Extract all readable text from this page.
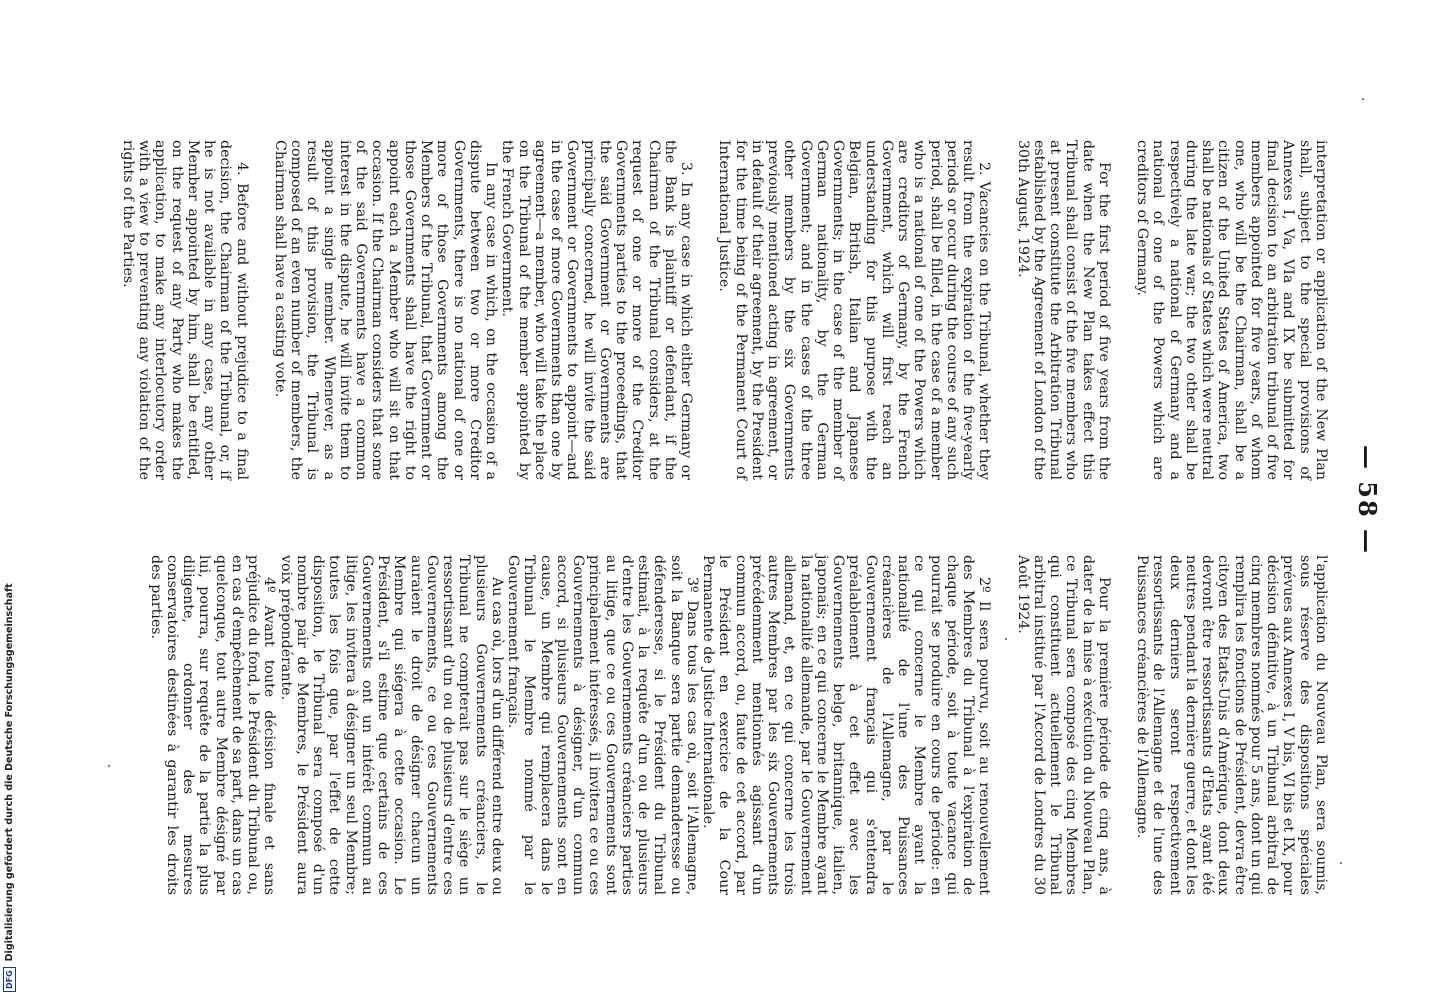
— 58 —

interpretation or application of the New Plan shall, subject to the special provisions of Annexes I, Va, VIa and IX be submitted for final decision to an arbitration tribunal of five members appointed for five years, of whom one, who will be the Chairman, shall be a citizen of the United States of America, two shall be nationals of States which were neutral during the late war; the two other shall be respectively a national of Germany and a national of one of the Powers which are creditors of Germany.

For the first period of five years from the date when the New Plan takes effect this Tribunal shall consist of the five members who at present constitute the Arbitration Tribunal established by the Agreement of London of the 30th August, 1924.

2. Vacancies on the Tribunal, whether they result from the expiration of the five-yearly periods or occur during the course of any such period, shall be filled, in the case of a member who is a national of one of the Powers which are creditors of Germany, by the French Government, which will first reach an understanding for this purpose with the Belgian, British, Italian and Japanese Governments; in the case of the member of German nationality, by the German Government; and in the cases of the three other members by the six Governments previously mentioned acting in agreement, or in default of their agreement, by the President for the time being of the Permanent Court of International Justice.

3. In any case in which either Germany or the Bank is plaintiff or defendant, if the Chairman of the Tribunal considers, at the request of one or more of the Creditor Governments parties to the proceedings, that the said Government or Governments are principally concerned, he will invite the said Government or Governments to appoint—and in the case of more Governments than one by agreement—a member, who will take the place on the Tribunal of the member appointed by the French Government.

In any case in which, on the occasion of a dispute between two or more Creditor Governments, there is no national of one or more of those Governments among the Members of the Tribunal, that Government or those Governments shall have the right to appoint each a Member who will sit on that occasion. If the Chairman considers that some of the said Governments have a common interest in the dispute, he will invite them to appoint a single member. Whenever, as a result of this provision, the Tribunal is composed of an even number of members, the Chairman shall have a casting vote.

4. Before and without prejudice to a final decision, the Chairman of the Tribunal, or, if he is not available in any case, any other Member appointed by him, shall be entitled, on the request of any Party who makes the application, to make any interlocutory order with a view to preventing any violation of the rights of the Parties.

l'application du Nouveau Plan, sera soumis, sous réserve des dispositions spéciales prévues aux Annexes I, V bis, VI bis et IX, pour décision définitive, à un Tribunal arbitral de cinq membres nommés pour 5 ans, dont un qui remplira les fonctions de Président, devra être citoyen des Etats-Unis d'Amérique, dont deux devront être ressortissants d'Etats ayant été neutres pendant la dernière guerre, et dont les deux derniers seront respectivement ressortissants de l'Allemagne et de l'une des Puissances créancières de l'Allemagne.

Pour la première période de cinq ans, à dater de la mise à exécution du Nouveau Plan, ce Tribunal sera composé des cinq Membres qui constituent actuellement le Tribunal arbitral institué par l'Accord de Londres du 30 Août 1924.

2º Il sera pourvu, soit au renouvellement des Membres du Tribunal à l'expiration de chaque période, soit à toute vacance qui pourrait se produire en cours de période: en ce qui concerne le Membre ayant la nationalité de l'une des Puissances créancières de l'Allemagne, par le Gouvernement français qui s'entendra préalablement à cet effet avec les Gouvernements belge, britannique, italien, japonais; en ce qui concerne le Membre ayant la nationalité allemande, par le Gouvernement allemand, et, en ce qui concerne les trois autres Membres par les six Gouvernements précédemment mentionnés agissant d'un commun accord, ou, faute de cet accord, par le Président en exercice de la Cour Permanente de Justice Internationale.

3º Dans tous les cas où, soit l'Allemagne, soit la Banque sera partie demanderesse ou défenderesse, si le Président du Tribunal estimait, à la requête d'un ou de plusieurs d'entre les Gouvernements créanciers parties au litige, que ce ou ces Gouvernements sont principalement intéressés, il invitera ce ou ces Gouvernements à désigner, d'un commun accord, si plusieurs Gouvernements sont en cause, un Membre qui remplacera dans le Tribunal le Membre nommé par le Gouvernement français.

Au cas où, lors d'un différend entre deux ou plusieurs Gouvernements créanciers, le Tribunal ne compterait pas sur le siège un ressortissant d'un ou de plusieurs d'entre ces Gouvernements, ce ou ces Gouvernements auraient le droit de désigner chacun un Membre qui siégera à cette occasion. Le Président, s'il estime que certains de ces Gouvernements ont un intérêt commun au litige, les invitera à désigner un seul Membre; toutes les fois que, par l'effet de cette disposition, le Tribunal sera composé d'un nombre pair de Membres, le Président aura voix prépondérante.

4º Avant toute décision finale et sans préjudice du fond, le Président du Tribunal ou, en cas d'empêchement de sa part, dans un cas quelconque, tout autre Membre désigné par lui, pourra, sur requête de la partie la plus diligente, ordonner des mesures conservatoires destinées à garantir les droits des parties.

DFGDigitalisierung gefördert durch die Deutsche Forschungsgemeinschaft
